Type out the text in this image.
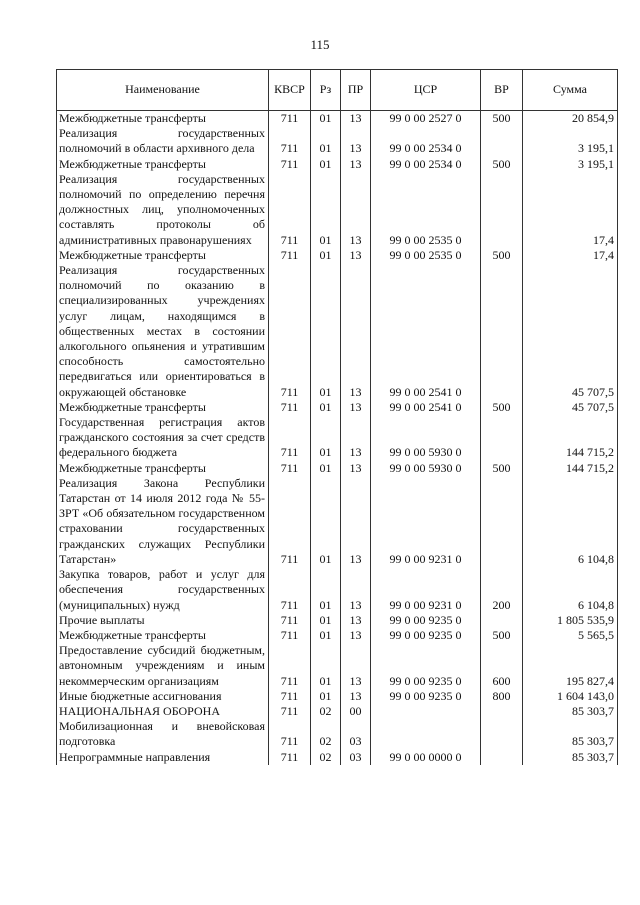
115
Наименование	КВСР	Рз	ПР	ЦСР	ВР	Сумма
Межбюджетные трансферты	711	01	13	99 0 00 2527 0	500	20 854,9
Реализация государственных полномочий в области архивного дела	711	01	13	99 0 00 2534 0		3 195,1
Межбюджетные трансферты	711	01	13	99 0 00 2534 0	500	3 195,1
Реализация государственных полномочий по определению перечня должностных лиц, уполномоченных составлять протоколы об административных правонарушениях	711	01	13	99 0 00 2535 0		17,4
Межбюджетные трансферты	711	01	13	99 0 00 2535 0	500	17,4
Реализация государственных полномочий по оказанию в специализированных учреждениях услуг лицам, находящимся в общественных местах в состоянии алкогольного опьянения и утратившим способность самостоятельно передвигаться или ориентироваться в окружающей обстановке	711	01	13	99 0 00 2541 0		45 707,5
Межбюджетные трансферты	711	01	13	99 0 00 2541 0	500	45 707,5
Государственная регистрация актов гражданского состояния за счет средств федерального бюджета	711	01	13	99 0 00 5930 0		144 715,2
Межбюджетные трансферты	711	01	13	99 0 00 5930 0	500	144 715,2
Реализация Закона Республики Татарстан от 14 июля 2012 года № 55-ЗРТ «Об обязательном государственном страховании государственных гражданских служащих Республики Татарстан»	711	01	13	99 0 00 9231 0		6 104,8
Закупка товаров, работ и услуг для обеспечения государственных (муниципальных) нужд	711	01	13	99 0 00 9231 0	200	6 104,8
Прочие выплаты	711	01	13	99 0 00 9235 0		1 805 535,9
Межбюджетные трансферты	711	01	13	99 0 00 9235 0	500	5 565,5
Предоставление субсидий бюджетным, автономным учреждениям и иным некоммерческим организациям	711	01	13	99 0 00 9235 0	600	195 827,4
Иные бюджетные ассигнования	711	01	13	99 0 00 9235 0	800	1 604 143,0
НАЦИОНАЛЬНАЯ ОБОРОНА	711	02	00			85 303,7
Мобилизационная и вневойсковая подготовка	711	02	03			85 303,7
Непрограммные направления	711	02	03	99 0 00 0000 0		85 303,7
